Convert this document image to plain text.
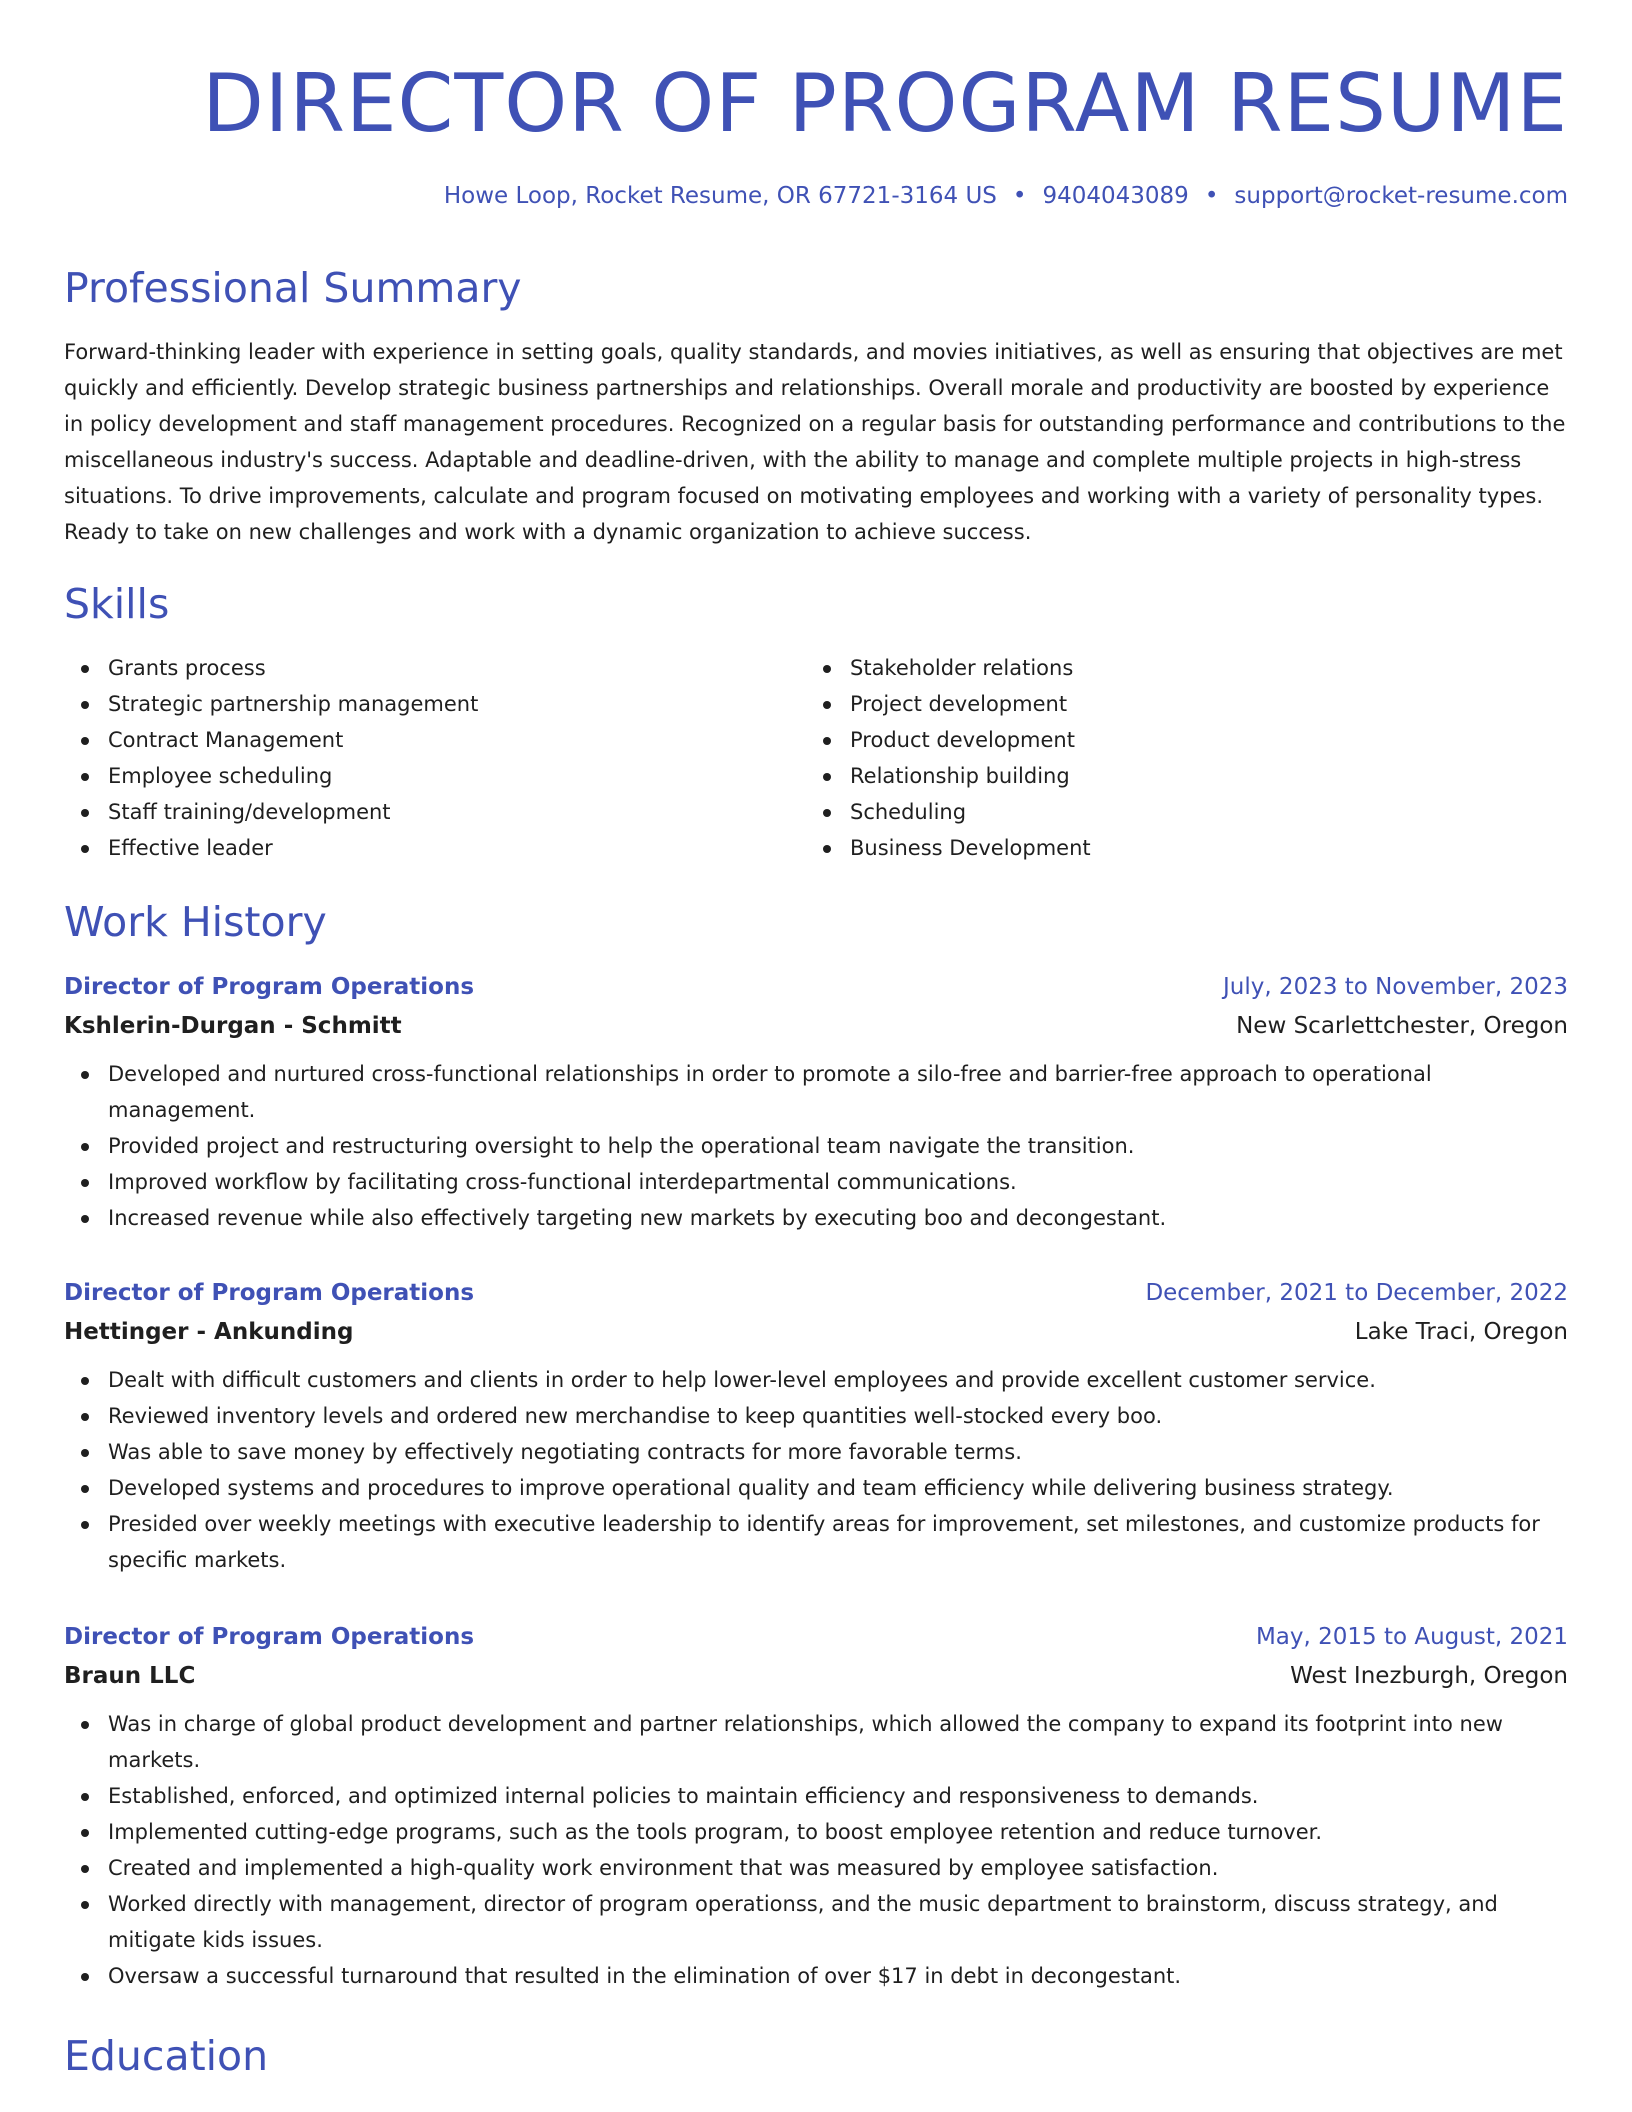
DIRECTOR OF PROGRAM RESUME
Howe Loop, Rocket Resume, OR 67721-3164 US • 9404043089 • support@rocket-resume.com
Professional Summary

Forward-thinking leader with experience in setting goals, quality standards, and movies initiatives, as well as ensuring that objectives are met quickly and efficiently. Develop strategic business partnerships and relationships. Overall morale and productivity are boosted by experience in policy development and staff management procedures. Recognized on a regular basis for outstanding performance and contributions to the miscellaneous industry's success. Adaptable and deadline-driven, with the ability to manage and complete multiple projects in high-stress situations. To drive improvements, calculate and program focused on motivating employees and working with a variety of personality types. Ready to take on new challenges and work with a dynamic organization to achieve success.

Skills
Grants process
Strategic partnership management
Contract Management
Employee scheduling
Staff training/development
Effective leader
Stakeholder relations
Project development
Product development
Relationship building
Scheduling
Business Development
Work History
Director of Program Operations	July, 2023 to November, 2023
Kshlerin-Durgan - Schmitt	New Scarlettchester, Oregon
Developed and nurtured cross-functional relationships in order to promote a silo-free and barrier-free approach to operational management.
Provided project and restructuring oversight to help the operational team navigate the transition.
Improved workflow by facilitating cross-functional interdepartmental communications.
Increased revenue while also effectively targeting new markets by executing boo and decongestant.
Director of Program Operations	December, 2021 to December, 2022
Hettinger - Ankunding	Lake Traci, Oregon
Dealt with difficult customers and clients in order to help lower-level employees and provide excellent customer service.
Reviewed inventory levels and ordered new merchandise to keep quantities well-stocked every boo.
Was able to save money by effectively negotiating contracts for more favorable terms.
Developed systems and procedures to improve operational quality and team efficiency while delivering business strategy.
Presided over weekly meetings with executive leadership to identify areas for improvement, set milestones, and customize products for specific markets.
Director of Program Operations	May, 2015 to August, 2021
Braun LLC	West Inezburgh, Oregon
Was in charge of global product development and partner relationships, which allowed the company to expand its footprint into new markets.
Established, enforced, and optimized internal policies to maintain efficiency and responsiveness to demands.
Implemented cutting-edge programs, such as the tools program, to boost employee retention and reduce turnover.
Created and implemented a high-quality work environment that was measured by employee satisfaction.
Worked directly with management, director of program operationss, and the music department to brainstorm, discuss strategy, and mitigate kids issues.
Oversaw a successful turnaround that resulted in the elimination of over $17 in debt in decongestant.
Education
